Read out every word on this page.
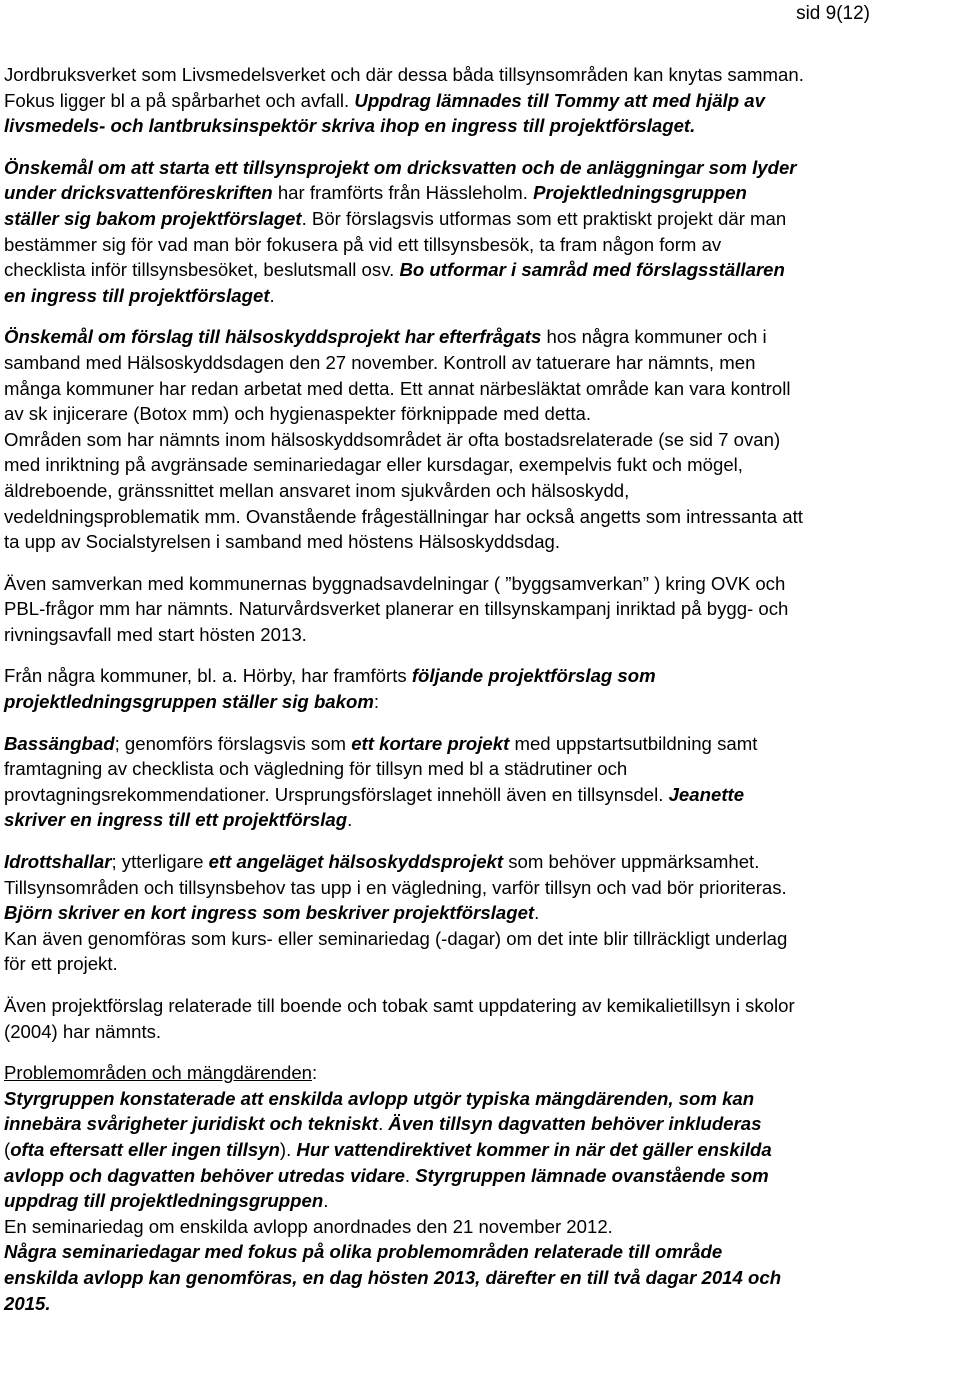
sid 9(12)
Jordbruksverket som Livsmedelsverket och där dessa båda tillsynsområden kan knytas samman.
Fokus ligger bl a på spårbarhet och avfall. Uppdrag lämnades till Tommy att med hjälp av
livsmedels- och lantbruksinspektör skriva ihop en ingress till projektförslaget.
Önskemål om att starta ett tillsynsprojekt om dricksvatten och de anläggningar som lyder
under dricksvattenföreskriften har framförts från Hässleholm. Projektledningsgruppen
ställer sig bakom projektförslaget. Bör förslagsvis utformas som ett praktiskt projekt där man
bestämmer sig för vad man bör fokusera på vid ett tillsynsbesök, ta fram någon form av
checklista inför tillsynsbesöket, beslutsmall osv. Bo utformar i samråd med förslagsställaren
en ingress till projektförslaget.
Önskemål om förslag till hälsoskyddsprojekt har efterfrågats hos några kommuner och i
samband med Hälsoskyddsdagen den 27 november. Kontroll av tatuerare har nämnts, men
många kommuner har redan arbetat med detta. Ett annat närbesläktat område kan vara kontroll
av sk injicerare (Botox mm) och hygienaspekter förknippade med detta.
Områden som har nämnts inom hälsoskyddsområdet är ofta bostadsrelaterade (se sid 7 ovan)
med inriktning på avgränsade seminariedagar eller kursdagar, exempelvis fukt och mögel,
äldreboende, gränssnittet mellan ansvaret inom sjukvården och hälsoskydd,
vedeldningsproblematik mm. Ovanstående frågeställningar har också angetts som intressanta att
ta upp av Socialstyrelsen i samband med höstens Hälsoskyddsdag.
Även samverkan med kommunernas byggnadsavdelningar ( ”byggsamverkan” ) kring OVK och
PBL-frågor mm har nämnts. Naturvårdsverket planerar en tillsynskampanj inriktad på bygg- och
rivningsavfall med start hösten 2013.
Från några kommuner, bl. a. Hörby, har framförts följande projektförslag som
projektledningsgruppen ställer sig bakom:
Bassängbad; genomförs förslagsvis som ett kortare projekt med uppstartsutbildning samt
framtagning av checklista och vägledning för tillsyn med bl a städrutiner och
provtagningsrekommendationer. Ursprungsförslaget innehöll även en tillsynsdel. Jeanette
skriver en ingress till ett projektförslag.
Idrottshallar; ytterligare ett angeläget hälsoskyddsprojekt som behöver uppmärksamhet.
Tillsynsområden och tillsynsbehov tas upp i en vägledning, varför tillsyn och vad bör prioriteras.
Björn skriver en kort ingress som beskriver projektförslaget.
Kan även genomföras som kurs- eller seminariedag (-dagar) om det inte blir tillräckligt underlag
för ett projekt.
Även projektförslag relaterade till boende och tobak samt uppdatering av kemikalietillsyn i skolor
(2004) har nämnts.
Problemområden och mängdärenden:
Styrgruppen konstaterade att enskilda avlopp utgör typiska mängdärenden, som kan
innebära svårigheter juridiskt och tekniskt. Även tillsyn dagvatten behöver inkluderas
(ofta eftersatt eller ingen tillsyn). Hur vattendirektivet kommer in när det gäller enskilda
avlopp och dagvatten behöver utredas vidare. Styrgruppen lämnade ovanstående som
uppdrag till projektledningsgruppen.
En seminariedag om enskilda avlopp anordnades den 21 november 2012.
Några seminariedagar med fokus på olika problemområden relaterade till område
enskilda avlopp kan genomföras, en dag hösten 2013, därefter en till två dagar 2014 och
2015.
